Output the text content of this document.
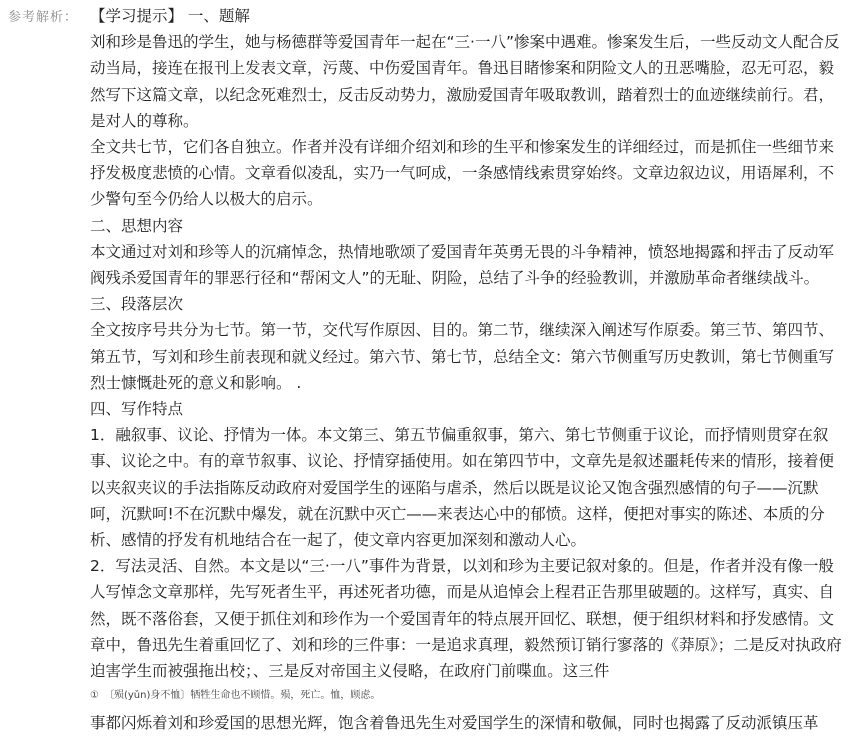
参考解析： 【学习提示】 一、题解

刘和珍是鲁迅的学生，她与杨德群等爱国青年一起在“三·一八”惨案中遇难。惨案发生后，一些反动文人配合反动当局，接连在报刊上发表文章，污蔑、中伤爱国青年。鲁迅目睹惨案和阴险文人的丑恶嘴脸，忍无可忍，毅然写下这篇文章，以纪念死难烈士，反击反动势力，激励爱国青年吸取教训，踏着烈士的血迹继续前行。君，是对人的尊称。

全文共七节，它们各自独立。作者并没有详细介绍刘和珍的生平和惨案发生的详细经过，而是抓住一些细节来抒发极度悲愤的心情。文章看似凌乱，实乃一气呵成，一条感情线索贯穿始终。文章边叙边议，用语犀利，不少警句至今仍给人以极大的启示。

二、思想内容

本文通过对刘和珍等人的沉痛悼念，热情地歌颂了爱国青年英勇无畏的斗争精神，愤怒地揭露和抨击了反动军阀残杀爱国青年的罪恶行径和“帮闲文人”的无耻、阴险，总结了斗争的经验教训，并激励革命者继续战斗。

三、段落层次

全文按序号共分为七节。第一节，交代写作原因、目的。第二节，继续深入阐述写作原委。第三节、第四节、第五节，写刘和珍生前表现和就义经过。第六节、第七节，总结全文：第六节侧重写历史教训，第七节侧重写烈士慷慨赴死的意义和影响。 .

四、写作特点

1．融叙事、议论、抒情为一体。本文第三、第五节偏重叙事，第六、第七节侧重于议论，而抒情则贯穿在叙事、议论之中。有的章节叙事、议论、抒情穿插使用。如在第四节中，文章先是叙述噩耗传来的情形，接着便以夹叙夹议的手法指陈反动政府对爱国学生的诬陷与虐杀，然后以既是议论又饱含强烈感情的句子——沉默呵，沉默呵!不在沉默中爆发，就在沉默中灭亡——来表达心中的郁愤。这样，便把对事实的陈述、本质的分析、感情的抒发有机地结合在一起了，使文章内容更加深刻和激动人心。

2．写法灵活、自然。本文是以“三·一八”事件为背景，以刘和珍为主要记叙对象的。但是，作者并没有像一般人写悼念文章那样，先写死者生平，再述死者功德，而是从追悼会上程君正告那里破题的。这样写，真实、自然，既不落俗套，又便于抓住刘和珍作为一个爱国青年的特点展开回忆、联想，便于组织材料和抒发感情。文章中，鲁迅先生着重回忆了、刘和珍的三件事：一是追求真理，毅然预订销行寥落的《莽原》；二是反对执政府迫害学生而被强拖出校；、三是反对帝国主义侵略，在政府门前喋血。这三件

①　〔殒(yǔn)身不恤〕牺牲生命也不顾惜。殒，死亡。恤，顾虑。

事都闪烁着刘和珍爱国的思想光辉，饱含着鲁迅先生对爱国学生的深情和敬佩，同时也揭露了反动派镇压革
